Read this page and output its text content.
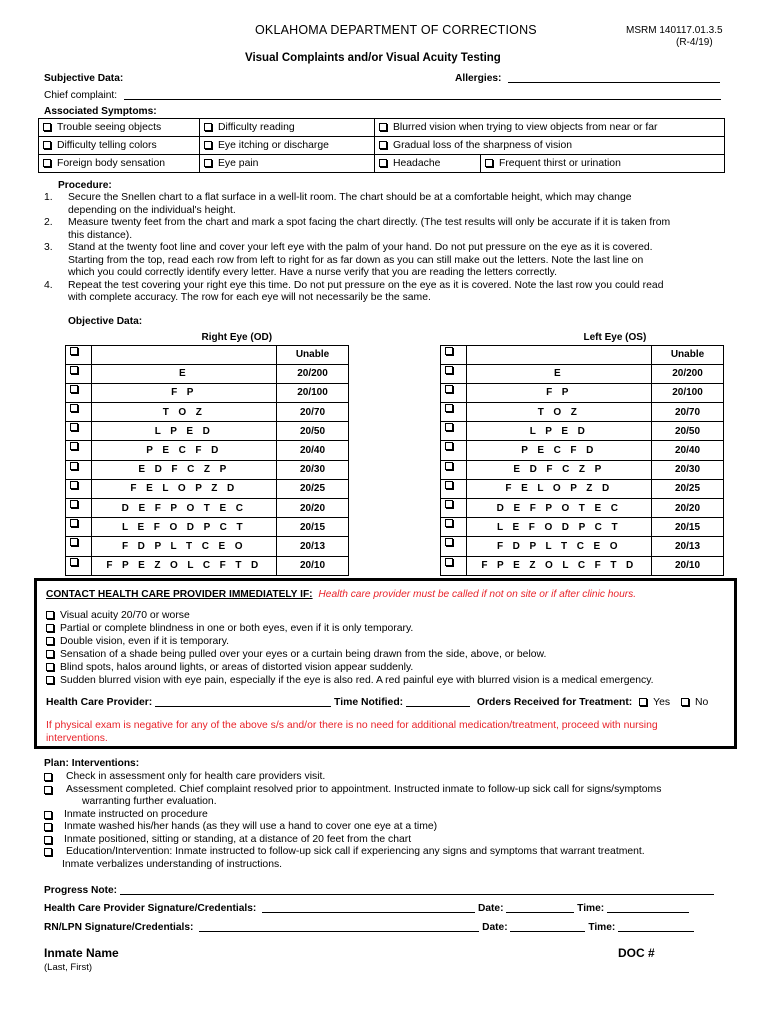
OKLAHOMA DEPARTMENT OF CORRECTIONS	MSRM 140117.01.3.5
(R-4/19)
Visual Complaints and/or Visual Acuity Testing
Subjective Data:	Allergies:
Chief complaint:
Associated Symptoms:
Trouble seeing objects	Difficulty reading	Blurred vision when trying to view objects from near or far	
Difficulty telling colors	Eye itching or discharge	Gradual loss of the sharpness of vision	
Foreign body sensation	Eye pain	Headache	Frequent thirst or urination
Procedure:
1. Secure the Snellen chart to a flat surface in a well-lit room. The chart should be at a comfortable height, which may change
depending on the individual's height.
2. Measure twenty feet from the chart and mark a spot facing the chart directly. (The test results will only be accurate if it is taken from
this distance).
3. Stand at the twenty foot line and cover your left eye with the palm of your hand. Do not put pressure on the eye as it is covered.
Starting from the top, read each row from left to right for as far down as you can still make out the letters. Note the last line on
which you could correctly identify every letter. Have a nurse verify that you are reading the letters correctly.
4. Repeat the test covering your right eye this time. Do not put pressure on the eye as it is covered. Note the last row you could read
with complete accuracy. The row for each eye will not necessarily be the same.
Objective Data:
	Right Eye (OD)	
		Unable
	E	20/200
	F P	20/100
	T O Z	20/70
	L P E D	20/50
	P E C F D	20/40
	E D F C Z P	20/30
	F E L O P Z D	20/25
	D E F P O T E C	20/20
	L E F O D P C T	20/15
	F D P L T C E O	20/13
	F P E Z O L C F T D	20/10
	Left Eye (OS)	
		Unable
	E	20/200
	F P	20/100
	T O Z	20/70
	L P E D	20/50
	P E C F D	20/40
	E D F C Z P	20/30
	F E L O P Z D	20/25
	D E F P O T E C	20/20
	L E F O D P C T	20/15
	F D P L T C E O	20/13
	F P E Z O L C F T D	20/10
CONTACT HEALTH CARE PROVIDER IMMEDIATELY IF: Health care provider must be called if not on site or if after clinic hours.
Visual acuity 20/70 or worse
Partial or complete blindness in one or both eyes, even if it is only temporary.
Double vision, even if it is temporary.
Sensation of a shade being pulled over your eyes or a curtain being drawn from the side, above, or below.
Blind spots, halos around lights, or areas of distorted vision appear suddenly.
Sudden blurred vision with eye pain, especially if the eye is also red. A red painful eye with blurred vision is a medical emergency.
Health Care Provider:	Time Notified:	Orders Received for Treatment: Yes No
If physical exam is negative for any of the above s/s and/or there is no need for additional medication/treatment, proceed with nursing
interventions.
Plan: Interventions:
Check in assessment only for health care providers visit.
Assessment completed. Chief complaint resolved prior to appointment. Instructed inmate to follow-up sick call for signs/symptoms
warranting further evaluation.
Inmate instructed on procedure
Inmate washed his/her hands (as they will use a hand to cover one eye at a time)
Inmate positioned, sitting or standing, at a distance of 20 feet from the chart
Education/Intervention: Inmate instructed to follow-up sick call if experiencing any signs and symptoms that warrant treatment.
Inmate verbalizes understanding of instructions.
Progress Note:
Health Care Provider Signature/Credentials:	Date:	Time:
RN/LPN Signature/Credentials:	Date:	Time:
Inmate Name
(Last, First)
DOC #
